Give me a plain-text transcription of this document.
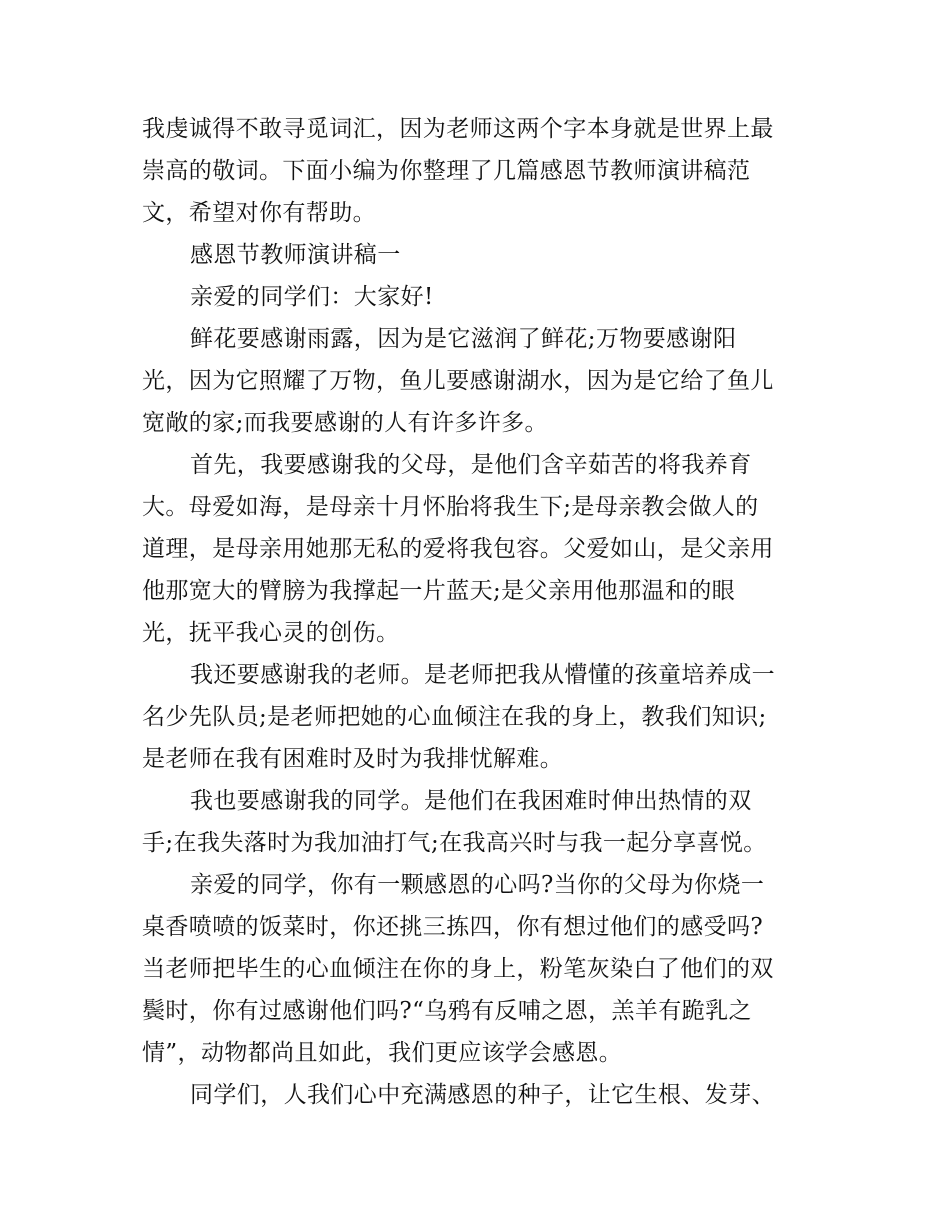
我虔诚得不敢寻觅词汇，因为老师这两个字本身就是世界上最
崇高的敬词。下面小编为你整理了几篇感恩节教师演讲稿范
文，希望对你有帮助。
感恩节教师演讲稿一
亲爱的同学们：大家好!
鲜花要感谢雨露，因为是它滋润了鲜花;万物要感谢阳
光，因为它照耀了万物，鱼儿要感谢湖水，因为是它给了鱼儿
宽敞的家;而我要感谢的人有许多许多。
首先，我要感谢我的父母，是他们含辛茹苦的将我养育
大。母爱如海，是母亲十月怀胎将我生下;是母亲教会做人的
道理，是母亲用她那无私的爱将我包容。父爱如山，是父亲用
他那宽大的臂膀为我撑起一片蓝天;是父亲用他那温和的眼
光，抚平我心灵的创伤。
我还要感谢我的老师。是老师把我从懵懂的孩童培养成一
名少先队员;是老师把她的心血倾注在我的身上，教我们知识;
是老师在我有困难时及时为我排忧解难。
我也要感谢我的同学。是他们在我困难时伸出热情的双
手;在我失落时为我加油打气;在我高兴时与我一起分享喜悦。
亲爱的同学，你有一颗感恩的心吗?当你的父母为你烧一
桌香喷喷的饭菜时，你还挑三拣四，你有想过他们的感受吗?
当老师把毕生的心血倾注在你的身上，粉笔灰染白了他们的双
鬓时，你有过感谢他们吗?“乌鸦有反哺之恩，羔羊有跪乳之
情”，动物都尚且如此，我们更应该学会感恩。
同学们，人我们心中充满感恩的种子，让它生根、发芽、
